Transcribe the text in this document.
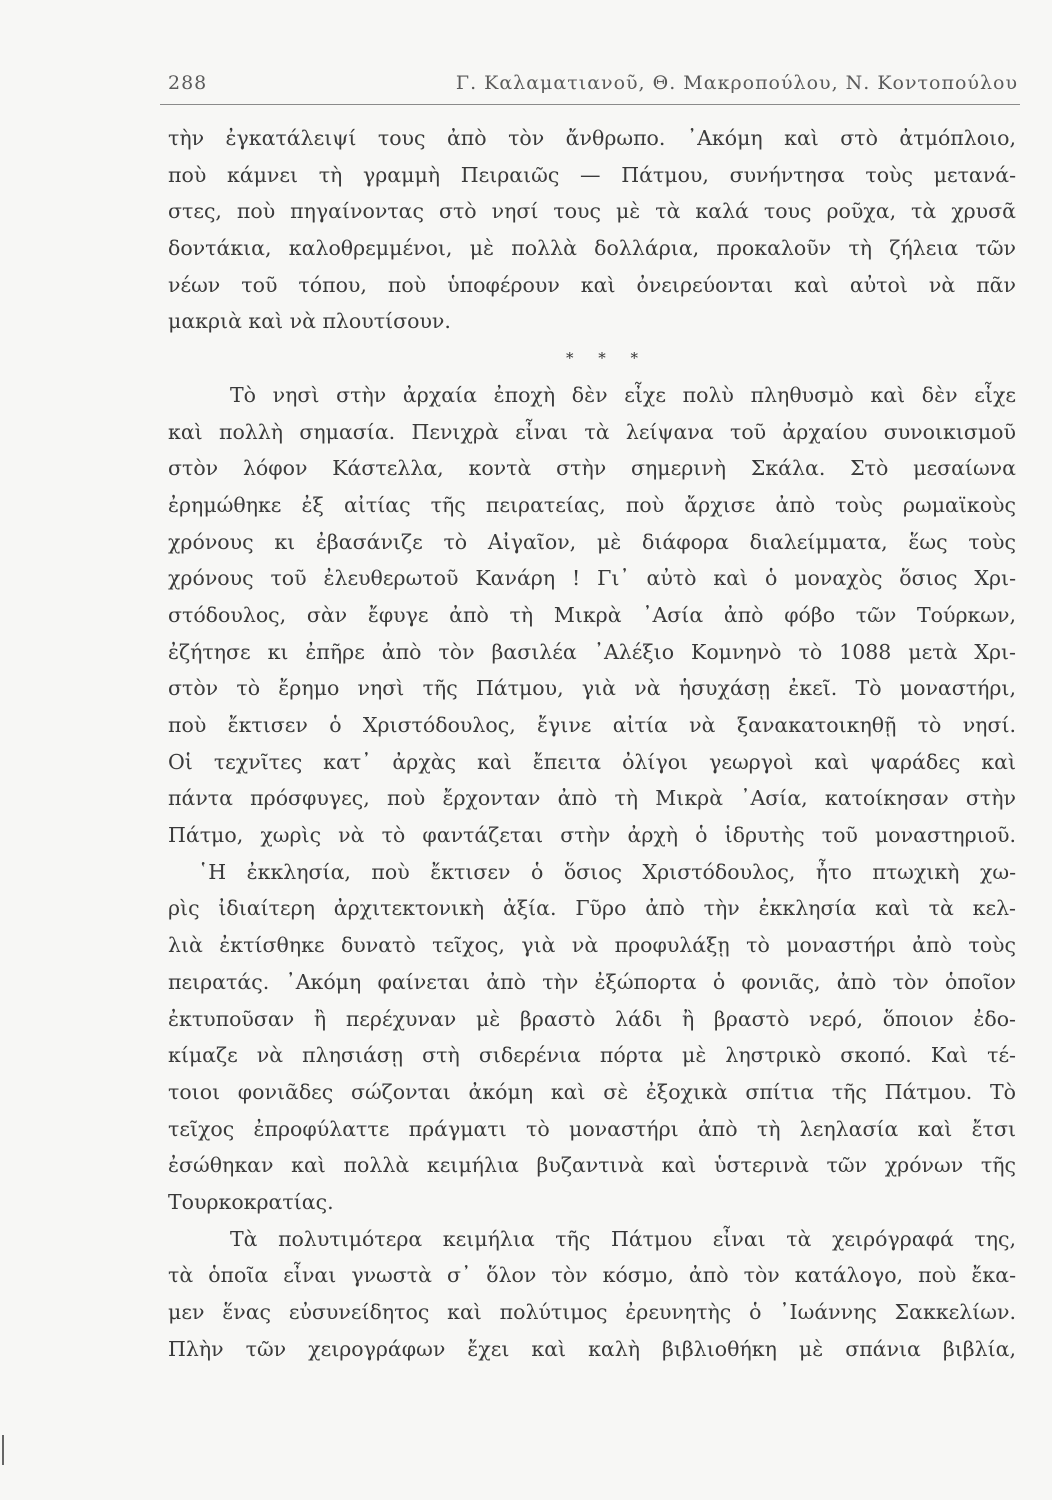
288	Γ. Καλαματιανοῦ, Θ. Μακροπούλου, Ν. Κοντοπούλου
τὴν ἐγκατάλειψί τους ἀπὸ τὸν ἄνθρωπο. ᾿Ακόμη καὶ στὸ ἀτμόπλοιο,
ποὺ κάμνει τὴ γραμμὴ Πειραιῶς — Πάτμου, συνήντησα τοὺς μετανά-
στες, ποὺ πηγαίνοντας στὸ νησί τους μὲ τὰ καλά τους ροῦχα, τὰ χρυσᾶ
δοντάκια, καλοθρεμμένοι, μὲ πολλὰ δολλάρια, προκαλοῦν τὴ ζήλεια τῶν
νέων τοῦ τόπου, ποὺ ὑποφέρουν καὶ ὀνειρεύονται καὶ αὐτοὶ νὰ πᾶν
μακριὰ καὶ νὰ πλουτίσουν.
* * *
Τὸ νησὶ στὴν ἀρχαία ἐποχὴ δὲν εἶχε πολὺ πληθυσμὸ καὶ δὲν εἶχε
καὶ πολλὴ σημασία. Πενιχρὰ εἶναι τὰ λείψανα τοῦ ἀρχαίου συνοικισμοῦ
στὸν λόφον Κάστελλα, κοντὰ στὴν σημερινὴ Σκάλα. Στὸ μεσαίωνα
ἐρημώθηκε ἐξ αἰτίας τῆς πειρατείας, ποὺ ἄρχισε ἀπὸ τοὺς ρωμαϊκοὺς
χρόνους κι ἐβασάνιζε τὸ Αἰγαῖον, μὲ διάφορα διαλείμματα, ἕως τοὺς
χρόνους τοῦ ἐλευθερωτοῦ Κανάρη ! Γι᾿ αὐτὸ καὶ ὁ μοναχὸς ὅσιος Χρι-
στόδουλος, σὰν ἔφυγε ἀπὸ τὴ Μικρὰ ᾿Ασία ἀπὸ φόβο τῶν Τούρκων,
ἐζήτησε κι ἐπῆρε ἀπὸ τὸν βασιλέα ᾿Αλέξιο Κομνηνὸ τὸ 1088 μετὰ Χρι-
στὸν τὸ ἔρημο νησὶ τῆς Πάτμου, γιὰ νὰ ἡσυχάσῃ ἐκεῖ. Τὸ μοναστήρι,
ποὺ ἔκτισεν ὁ Χριστόδουλος, ἔγινε αἰτία νὰ ξανακατοικηθῇ τὸ νησί.
Οἱ τεχνῖτες κατ᾿ ἀρχὰς καὶ ἔπειτα ὀλίγοι γεωργοὶ καὶ ψαράδες καὶ
πάντα πρόσφυγες, ποὺ ἔρχονταν ἀπὸ τὴ Μικρὰ ᾿Ασία, κατοίκησαν στὴν
Πάτμο, χωρὶς νὰ τὸ φαντάζεται στὴν ἀρχὴ ὁ ἱδρυτὴς τοῦ μοναστηριοῦ.
῾Η ἐκκλησία, ποὺ ἔκτισεν ὁ ὅσιος Χριστόδουλος, ἦτο πτωχικὴ χω-
ρὶς ἰδιαίτερη ἀρχιτεκτονικὴ ἀξία. Γῦρο ἀπὸ τὴν ἐκκλησία καὶ τὰ κελ-
λιὰ ἐκτίσθηκε δυνατὸ τεῖχος, γιὰ νὰ προφυλάξῃ τὸ μοναστήρι ἀπὸ τοὺς
πειρατάς. ᾿Ακόμη φαίνεται ἀπὸ τὴν ἐξώπορτα ὁ φονιᾶς, ἀπὸ τὸν ὁποῖον
ἐκτυποῦσαν ἢ περέχυναν μὲ βραστὸ λάδι ἢ βραστὸ νερό, ὅποιον ἐδο-
κίμαζε νὰ πλησιάσῃ στὴ σιδερένια πόρτα μὲ ληστρικὸ σκοπό. Καὶ τέ-
τοιοι φονιᾶδες σώζονται ἀκόμη καὶ σὲ ἐξοχικὰ σπίτια τῆς Πάτμου. Τὸ
τεῖχος ἐπροφύλαττε πράγματι τὸ μοναστήρι ἀπὸ τὴ λεηλασία καὶ ἔτσι
ἐσώθηκαν καὶ πολλὰ κειμήλια βυζαντινὰ καὶ ὑστερινὰ τῶν χρόνων τῆς
Τουρκοκρατίας.
Τὰ πολυτιμότερα κειμήλια τῆς Πάτμου εἶναι τὰ χειρόγραφά της,
τὰ ὁποῖα εἶναι γνωστὰ σ᾿ ὅλον τὸν κόσμο, ἀπὸ τὸν κατάλογο, ποὺ ἔκα-
μεν ἕνας εὐσυνείδητος καὶ πολύτιμος ἐρευνητὴς ὁ ᾿Ιωάννης Σακκελίων.
Πλὴν τῶν χειρογράφων ἔχει καὶ καλὴ βιβλιοθήκη μὲ σπάνια βιβλία,
